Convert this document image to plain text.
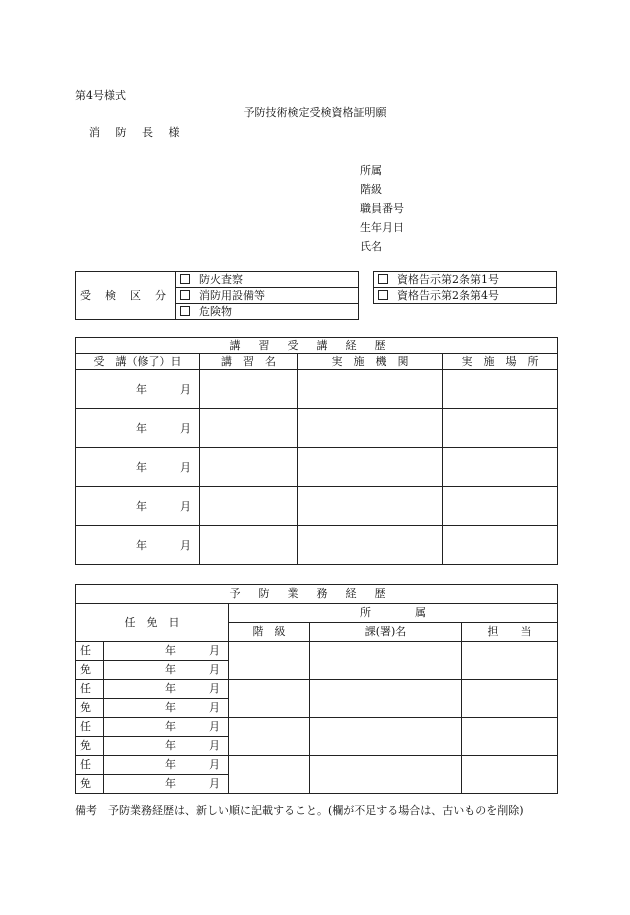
第4号様式
予防技術検定受検資格証明願
消 防 長 様
所属
階級
職員番号
生年月日
氏名
受検区分	防火査察
消防用設備等
危険物
資格告示第2条第1号
資格告示第2条第4号
講習受講経歴			
受　講（修了）日	講　習　名	実　施　機　関	実　施　場　所
年　　　月			
年　　　月			
年　　　月			
年　　　月			
年　　　月			
予防業務経歴				
任　免　日		所　　　　属		
		階　級	課(署)名	担　　当
任	年　　　月			
免	年　　　月			
任	年　　　月			
免	年　　　月			
任	年　　　月			
免	年　　　月			
任	年　　　月			
免	年　　　月			
備考　予防業務経歴は、新しい順に記載すること。(欄が不足する場合は、古いものを削除)
